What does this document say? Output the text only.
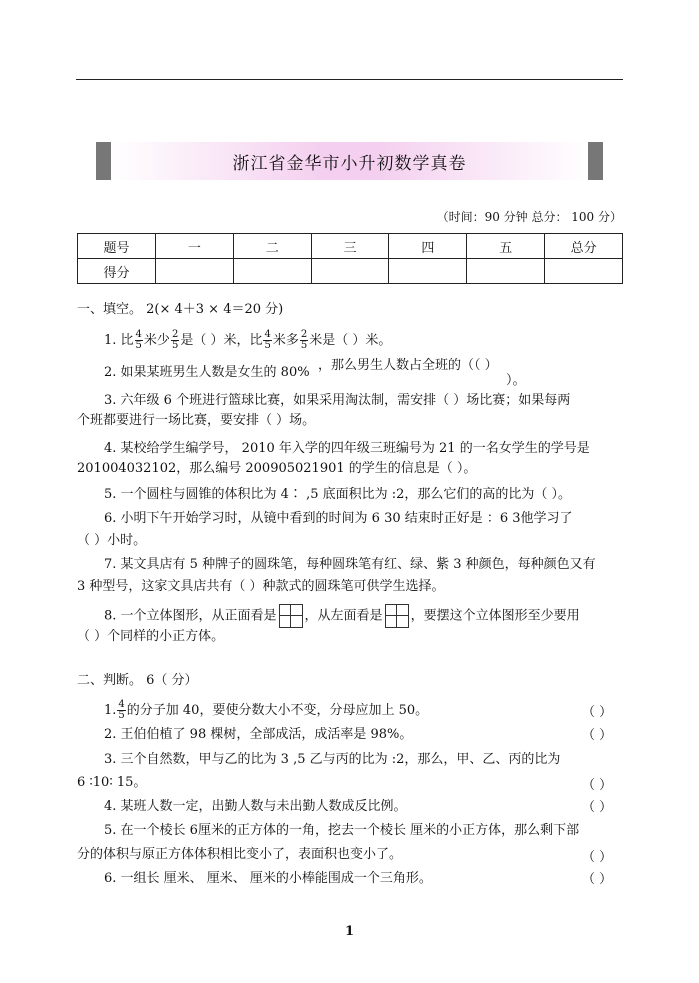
浙江省金华市小升初数学真卷
（时间：90 分钟 总分： 100 分）
题号	一	二	三	四	五	总分
得分						
一、填空。 2(× 4＋3 × 4＝20 分)
1. 比 $\frac{4}{5}$ 米少 $\frac{2}{5}$ 是（ ）米，比 $\frac{4}{5}$ 米多 $\frac{2}{5}$ 米是（ ）米。
2. 如果某班男生人数是女生的 80% ，那么男生人数占全班的（（ ）
）。
3. 六年级 6 个班进行篮球比赛，如果采用淘汰制，需安排（ ）场比赛；如果每两
个班都要进行一场比赛，要安排（ ）场。
4. 某校给学生编学号， 2010 年入学的四年级三班编号为 21 的一名女学生的学号是
201004032102，那么编号 200905021901 的学生的信息是（ ）。
5. 一个圆柱与圆锥的体积比为 4∶ ,5 底面积比为 :2，那么它们的高的比为（ ）。
6. 小明下午开始学习时，从镜中看到的时间为 6 30 结束时正好是 ：6 3他学习了
（ ）小时。
7. 某文具店有 5 种牌子的圆珠笔，每种圆珠笔有红、绿、紫 3 种颜色，每种颜色又有
3 种型号，这家文具店共有（ ）种款式的圆珠笔可供学生选择。
8. 一个立体图形，从正面看是 ，从左面看是 ，要摆这个立体图形至少要用
（ ）个同样的小正方体。
二、判断。 6（ 分）
1. $\frac{4}{5}$ 的分子加 40，要使分数大小不变，分母应加上 50。	（ ）
2. 王伯伯植了 98 棵树，全部成活，成活率是 98%。	（ ）
3. 三个自然数，甲与乙的比为 3 ,5 乙与丙的比为 :2，那么，甲、乙、丙的比为
6 ∶10∶ 15。	（ ）
4. 某班人数一定，出勤人数与未出勤人数成反比例。	（ ）
5. 在一个棱长 6厘米的正方体的一角，挖去一个棱长 厘米的小正方体，那么剩下部
分的体积与原正方体体积相比变小了，表面积也变小了。	（ ）
6. 一组长 厘米、 厘米、 厘米的小棒能围成一个三角形。	（ ）
1
